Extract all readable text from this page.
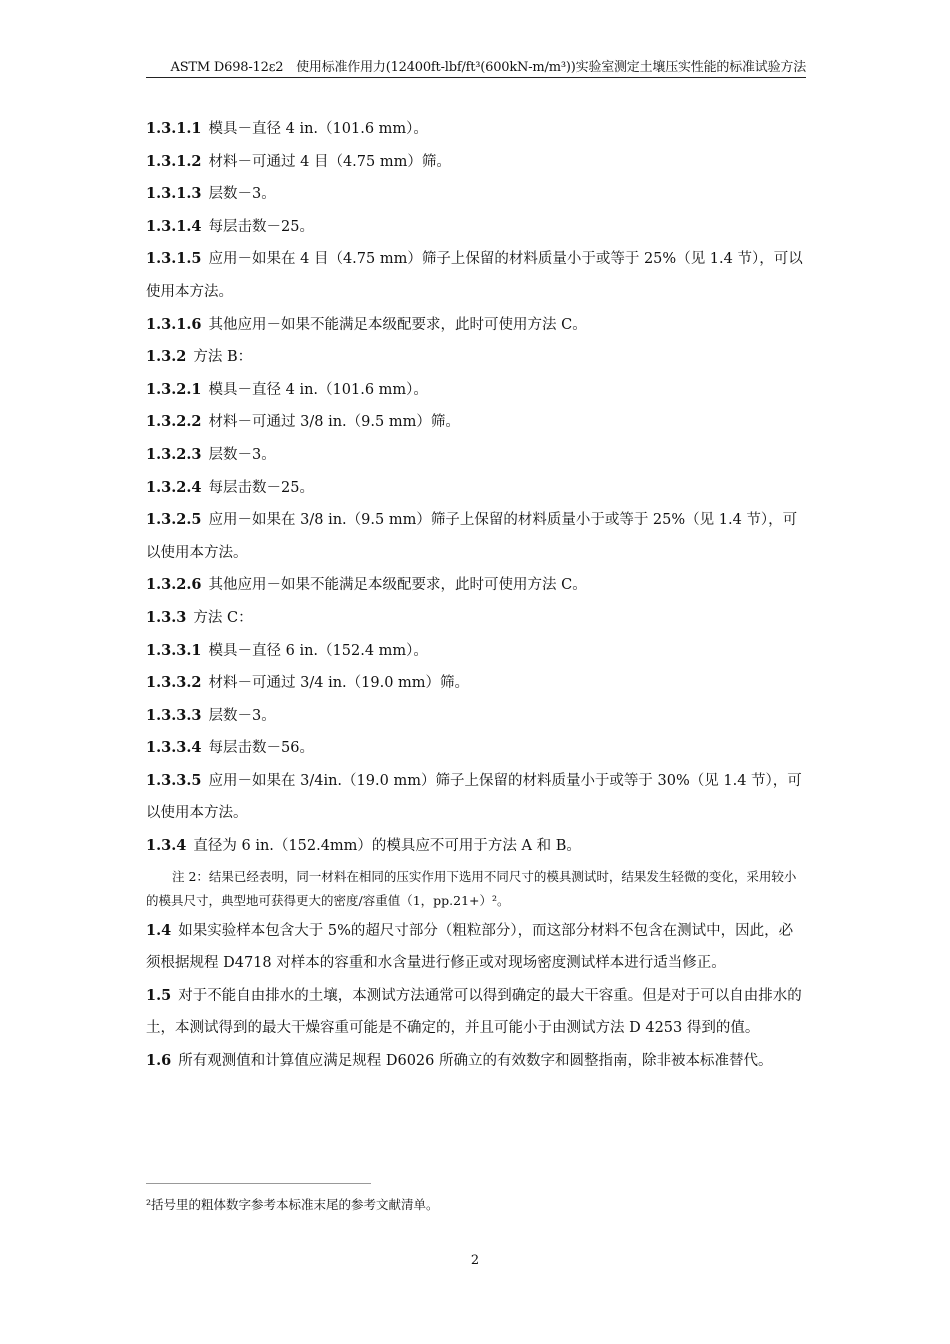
ASTM D698-12ε2　使用标准作用力(12400ft-lbf/ft³(600kN-m/m³))实验室测定土壤压实性能的标准试验方法

1.3.1.1 模具－直径 4 in.（101.6 mm）。

1.3.1.2 材料－可通过 4 目（4.75 mm）筛。

1.3.1.3 层数－3。

1.3.1.4 每层击数－25。

1.3.1.5 应用－如果在 4 目（4.75 mm）筛子上保留的材料质量小于或等于 25%（见 1.4 节），可以使用本方法。

1.3.1.6 其他应用－如果不能满足本级配要求，此时可使用方法 C。

1.3.2 方法 B：

1.3.2.1 模具－直径 4 in.（101.6 mm）。

1.3.2.2 材料－可通过 3/8 in.（9.5 mm）筛。

1.3.2.3 层数－3。

1.3.2.4 每层击数－25。

1.3.2.5 应用－如果在 3/8 in.（9.5 mm）筛子上保留的材料质量小于或等于 25%（见 1.4 节），可以使用本方法。

1.3.2.6 其他应用－如果不能满足本级配要求，此时可使用方法 C。

1.3.3 方法 C：

1.3.3.1 模具－直径 6 in.（152.4 mm）。

1.3.3.2 材料－可通过 3/4 in.（19.0 mm）筛。

1.3.3.3 层数－3。

1.3.3.4 每层击数－56。

1.3.3.5 应用－如果在 3/4in.（19.0 mm）筛子上保留的材料质量小于或等于 30%（见 1.4 节），可以使用本方法。

1.3.4 直径为 6 in.（152.4mm）的模具应不可用于方法 A 和 B。

注 2：结果已经表明，同一材料在相同的压实作用下选用不同尺寸的模具测试时，结果发生轻微的变化，采用较小的模具尺寸，典型地可获得更大的密度/容重值（1，pp.21+）²。

1.4 如果实验样本包含大于 5%的超尺寸部分（粗粒部分），而这部分材料不包含在测试中，因此，必须根据规程 D4718 对样本的容重和水含量进行修正或对现场密度测试样本进行适当修正。

1.5 对于不能自由排水的土壤，本测试方法通常可以得到确定的最大干容重。但是对于可以自由排水的土，本测试得到的最大干燥容重可能是不确定的，并且可能小于由测试方法 D 4253 得到的值。

1.6 所有观测值和计算值应满足规程 D6026 所确立的有效数字和圆整指南，除非被本标准替代。

²括号里的粗体数字参考本标准末尾的参考文献清单。
2
